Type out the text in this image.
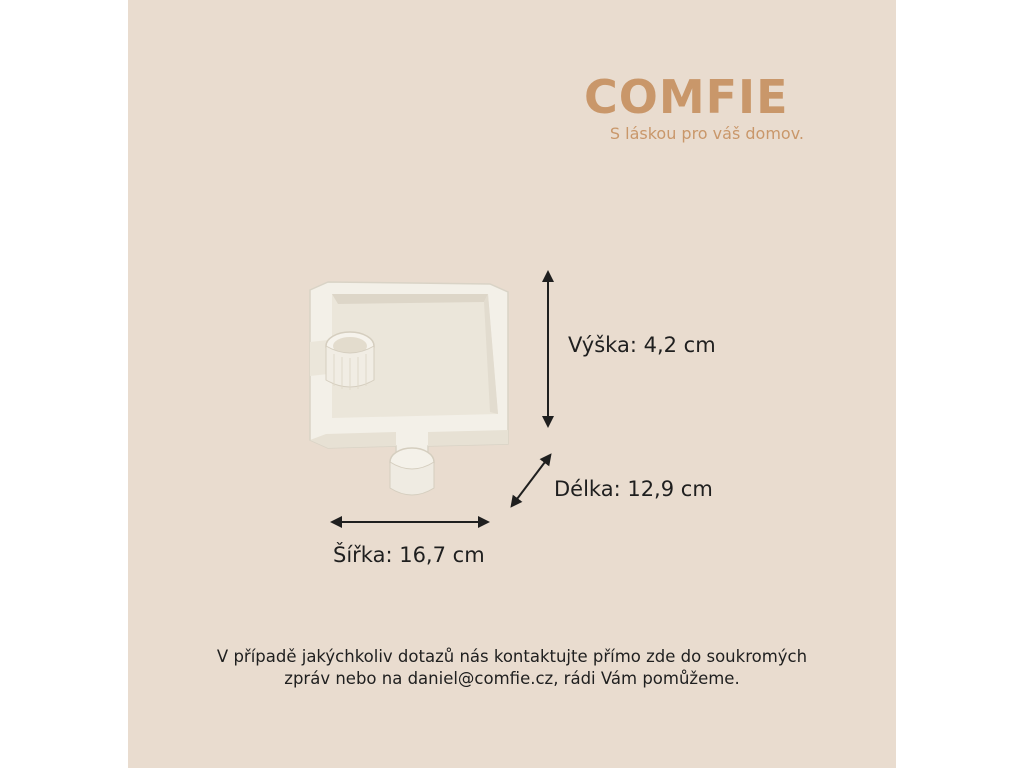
COMFIE
S láskou pro váš domov.
Výška: 4,2 cm
Délka: 12,9 cm
Šířka: 16,7 cm
V případě jakýchkoliv dotazů nás kontaktujte přímo zde do soukromých zpráv nebo na daniel@comfie.cz, rádi Vám pomůžeme.
